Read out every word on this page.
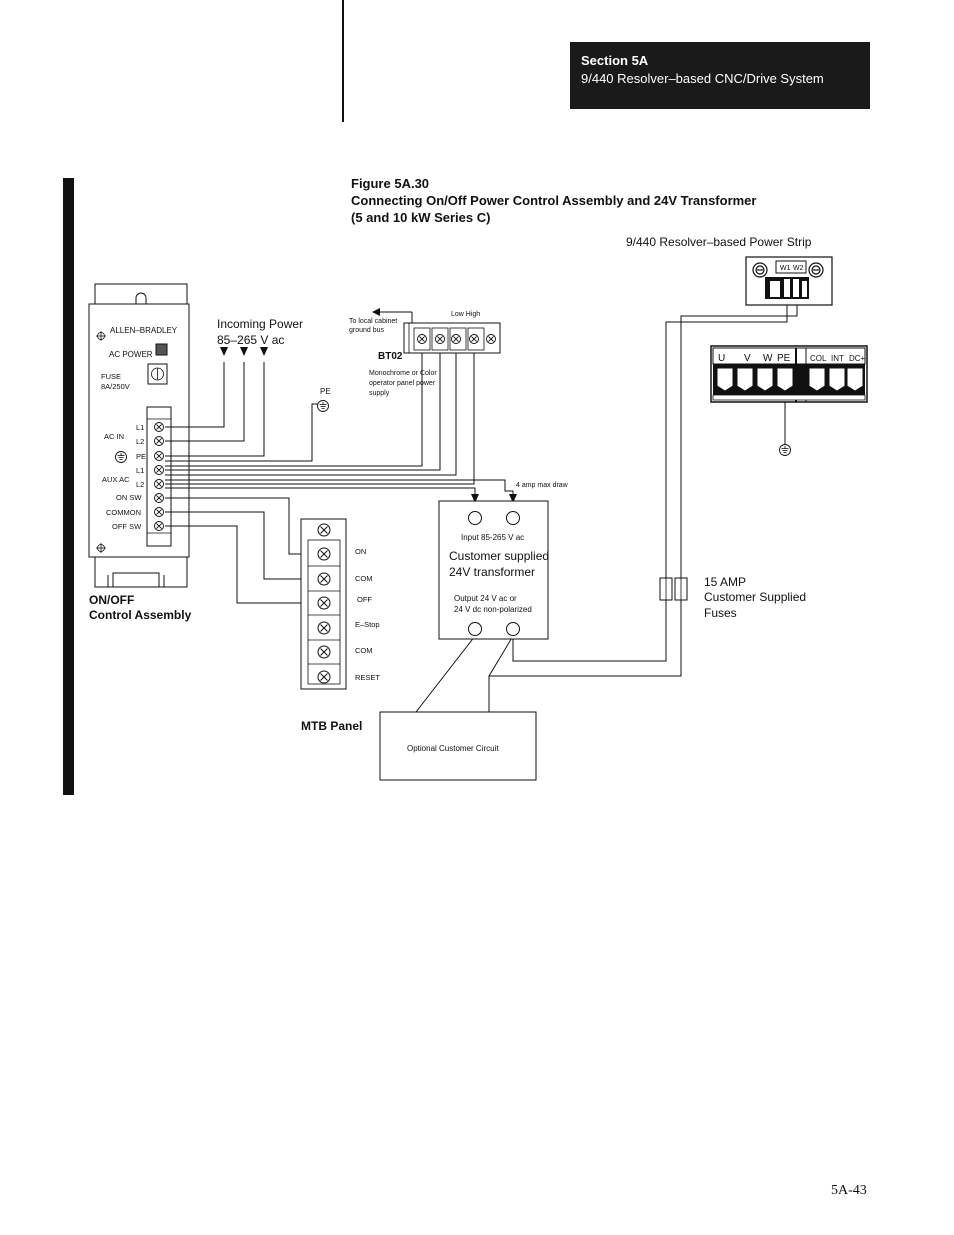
Section 5A
9/440 Resolver–based CNC/Drive System
Figure 5A.30
Connecting On/Off Power Control Assembly and 24V Transformer
(5 and 10 kW Series C)
ALLEN–BRADLEY
AC POWER
FUSE
8A/250V
L1
L2
PE
L1
L2
AC IN
AUX AC
ON SW
COMMON
OFF SW
ON/OFF
Control Assembly
Incoming Power
85–265 V ac
PE
To local cabinet
ground bus
Low High
BT02
Monochrome or Color
operator panel power
supply
ON
COM
OFF
E–Stop
COM
RESET
MTB Panel
4 amp max draw
Input 85-265 V ac
Customer supplied
24V transformer
Output 24 V ac or
24 V dc non-polarized
Optional Customer Circuit
15 AMP
Customer Supplied
Fuses
9/440 Resolver–based Power Strip
W1 W2
U V W PE COL INT DC+
5A-43
